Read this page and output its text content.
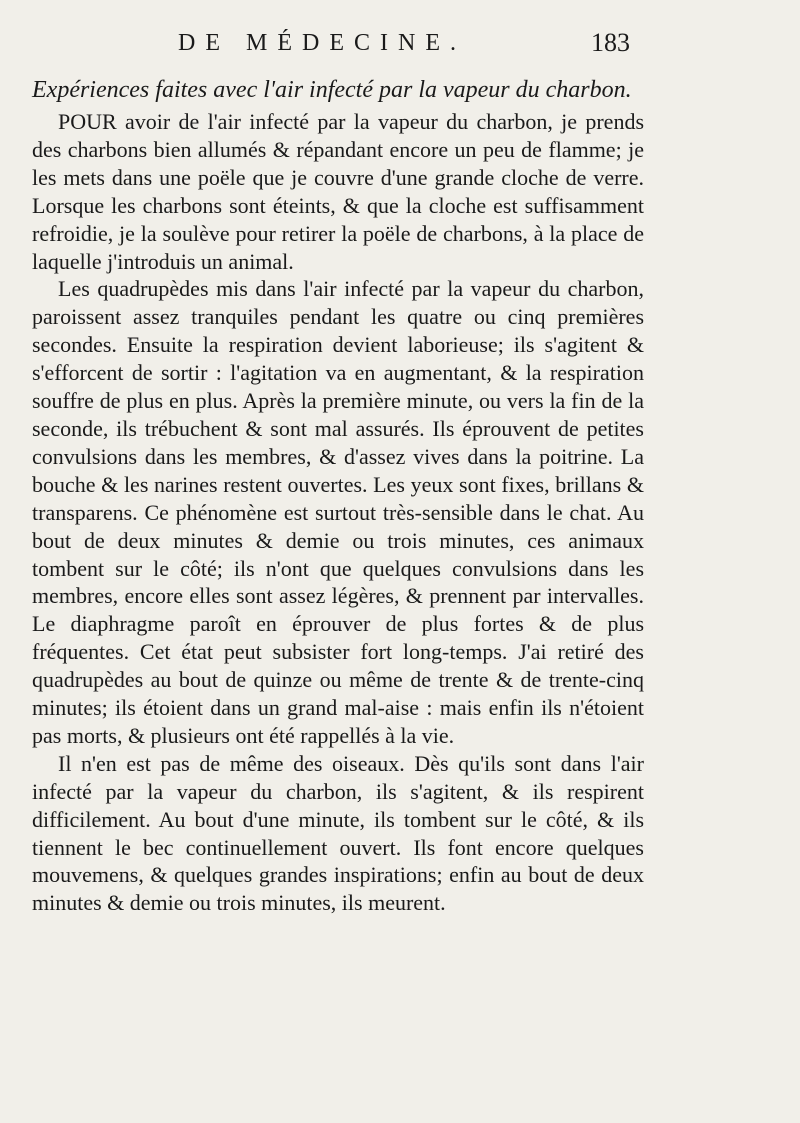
DE MÉDECINE.	183
Expériences faites avec l'air infecté par la vapeur du charbon.

POUR avoir de l'air infecté par la vapeur du charbon, je prends des charbons bien allumés & répandant encore un peu de flamme; je les mets dans une poële que je couvre d'une grande cloche de verre. Lorsque les charbons sont éteints, & que la cloche est suffisamment refroidie, je la soulève pour retirer la poële de charbons, à la place de laquelle j'introduis un animal.

Les quadrupèdes mis dans l'air infecté par la vapeur du charbon, paroissent assez tranquiles pendant les quatre ou cinq premières secondes. Ensuite la respiration devient laborieuse; ils s'agitent & s'efforcent de sortir : l'agitation va en augmentant, & la respiration souffre de plus en plus. Après la première minute, ou vers la fin de la seconde, ils trébuchent & sont mal assurés. Ils éprouvent de petites convulsions dans les membres, & d'assez vives dans la poitrine. La bouche & les narines restent ouvertes. Les yeux sont fixes, brillans & transparens. Ce phénomène est surtout très-sensible dans le chat. Au bout de deux minutes & demie ou trois minutes, ces animaux tombent sur le côté; ils n'ont que quelques convulsions dans les membres, encore elles sont assez légères, & prennent par intervalles. Le diaphragme paroît en éprouver de plus fortes & de plus fréquentes. Cet état peut subsister fort long-temps. J'ai retiré des quadrupèdes au bout de quinze ou même de trente & de trente-cinq minutes; ils étoient dans un grand mal-aise : mais enfin ils n'étoient pas morts, & plusieurs ont été rappellés à la vie.

Il n'en est pas de même des oiseaux. Dès qu'ils sont dans l'air infecté par la vapeur du charbon, ils s'agitent, & ils respirent difficilement. Au bout d'une minute, ils tombent sur le côté, & ils tiennent le bec continuellement ouvert. Ils font encore quelques mouvemens, & quelques grandes inspirations; enfin au bout de deux minutes & demie ou trois minutes, ils meurent.
